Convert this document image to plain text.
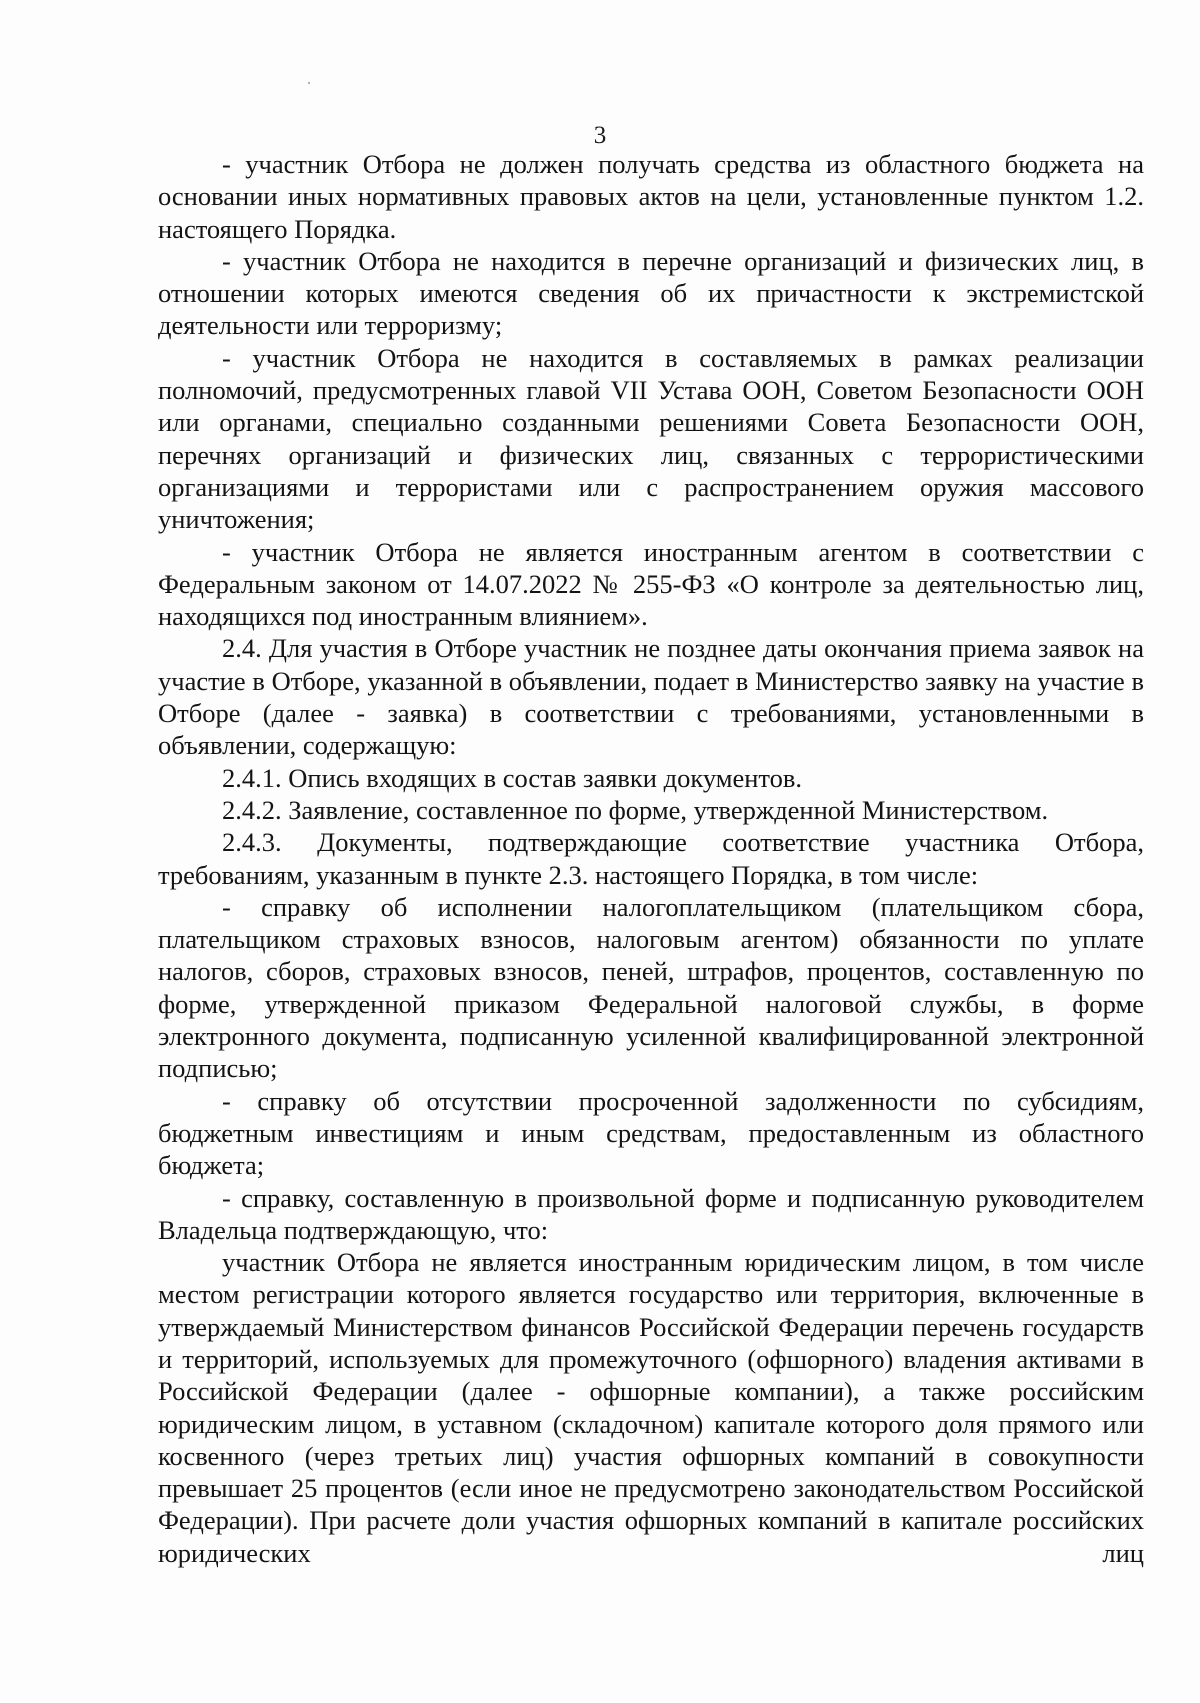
3

- участник Отбора не должен получать средства из областного бюджета на основании иных нормативных правовых актов на цели, установленные пунктом 1.2. настоящего Порядка.

- участник Отбора не находится в перечне организаций и физических лиц, в отношении которых имеются сведения об их причастности к экстремистской деятельности или терроризму;

- участник Отбора не находится в составляемых в рамках реализации полномочий, предусмотренных главой VII Устава ООН, Советом Безопасности ООН или органами, специально созданными решениями Совета Безопасности ООН, перечнях организаций и физических лиц, связанных с террористическими организациями и террористами или с распространением оружия массового уничтожения;

- участник Отбора не является иностранным агентом в соответствии с Федеральным законом от 14.07.2022 № 255-ФЗ «О контроле за деятельностью лиц, находящихся под иностранным влиянием».

2.4. Для участия в Отборе участник не позднее даты окончания приема заявок на участие в Отборе, указанной в объявлении, подает в Министерство заявку на участие в Отборе (далее - заявка) в соответствии с требованиями, установленными в объявлении, содержащую:

2.4.1. Опись входящих в состав заявки документов.

2.4.2. Заявление, составленное по форме, утвержденной Министерством.

2.4.3. Документы, подтверждающие соответствие участника Отбора, требованиям, указанным в пункте 2.3. настоящего Порядка, в том числе:

- справку об исполнении налогоплательщиком (плательщиком сбора, плательщиком страховых взносов, налоговым агентом) обязанности по уплате налогов, сборов, страховых взносов, пеней, штрафов, процентов, составленную по форме, утвержденной приказом Федеральной налоговой службы, в форме электронного документа, подписанную усиленной квалифицированной электронной подписью;

- справку об отсутствии просроченной задолженности по субсидиям, бюджетным инвестициям и иным средствам, предоставленным из областного бюджета;

- справку, составленную в произвольной форме и подписанную руководителем Владельца подтверждающую, что:

участник Отбора не является иностранным юридическим лицом, в том числе местом регистрации которого является государство или территория, включенные в утверждаемый Министерством финансов Российской Федерации перечень государств и территорий, используемых для промежуточного (офшорного) владения активами в Российской Федерации (далее - офшорные компании), а также российским юридическим лицом, в уставном (складочном) капитале которого доля прямого или косвенного (через третьих лиц) участия офшорных компаний в совокупности превышает 25 процентов (если иное не предусмотрено законодательством Российской Федерации). При расчете доли участия офшорных компаний в капитале российских юридических лиц
